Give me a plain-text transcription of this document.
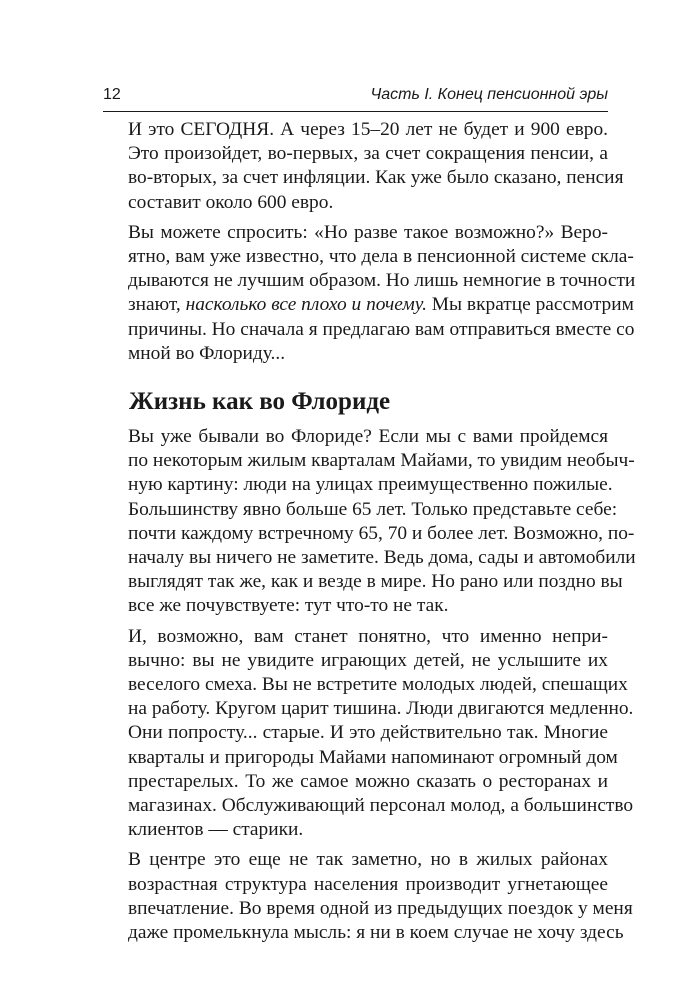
12	Часть I. Конец пенсионной эры

И это СЕГОДНЯ. А через 15–20 лет не будет и 900 евро.
Это произойдет, во-первых, за счет сокращения пенсии, а
во-вторых, за счет инфляции. Как уже было сказано, пенсия
составит около 600 евро.

Вы можете спросить: «Но разве такое возможно?» Веро-
ятно, вам уже известно, что дела в пенсионной системе скла-
дываются не лучшим образом. Но лишь немногие в точности
знают, насколько все плохо и почему. Мы вкратце рассмотрим
причины. Но сначала я предлагаю вам отправиться вместе со
мной во Флориду...

Жизнь как во Флориде

Вы уже бывали во Флориде? Если мы с вами пройдемся
по некоторым жилым кварталам Майами, то увидим необыч-
ную картину: люди на улицах преимущественно пожилые.
Большинству явно больше 65 лет. Только представьте себе:
почти каждому встречному 65, 70 и более лет. Возможно, по-
началу вы ничего не заметите. Ведь дома, сады и автомобили
выглядят так же, как и везде в мире. Но рано или поздно вы
все же почувствуете: тут что-то не так.

И, возможно, вам станет понятно, что именно непри-
вычно: вы не увидите играющих детей, не услышите их
веселого смеха. Вы не встретите молодых людей, спешащих
на работу. Кругом царит тишина. Люди двигаются медленно.
Они попросту... старые. И это действительно так. Многие
кварталы и пригороды Майами напоминают огромный дом
престарелых. То же самое можно сказать о ресторанах и
магазинах. Обслуживающий персонал молод, а большинство
клиентов — старики.

В центре это еще не так заметно, но в жилых районах
возрастная структура населения производит угнетающее
впечатление. Во время одной из предыдущих поездок у меня
даже промелькнула мысль: я ни в коем случае не хочу здесь
